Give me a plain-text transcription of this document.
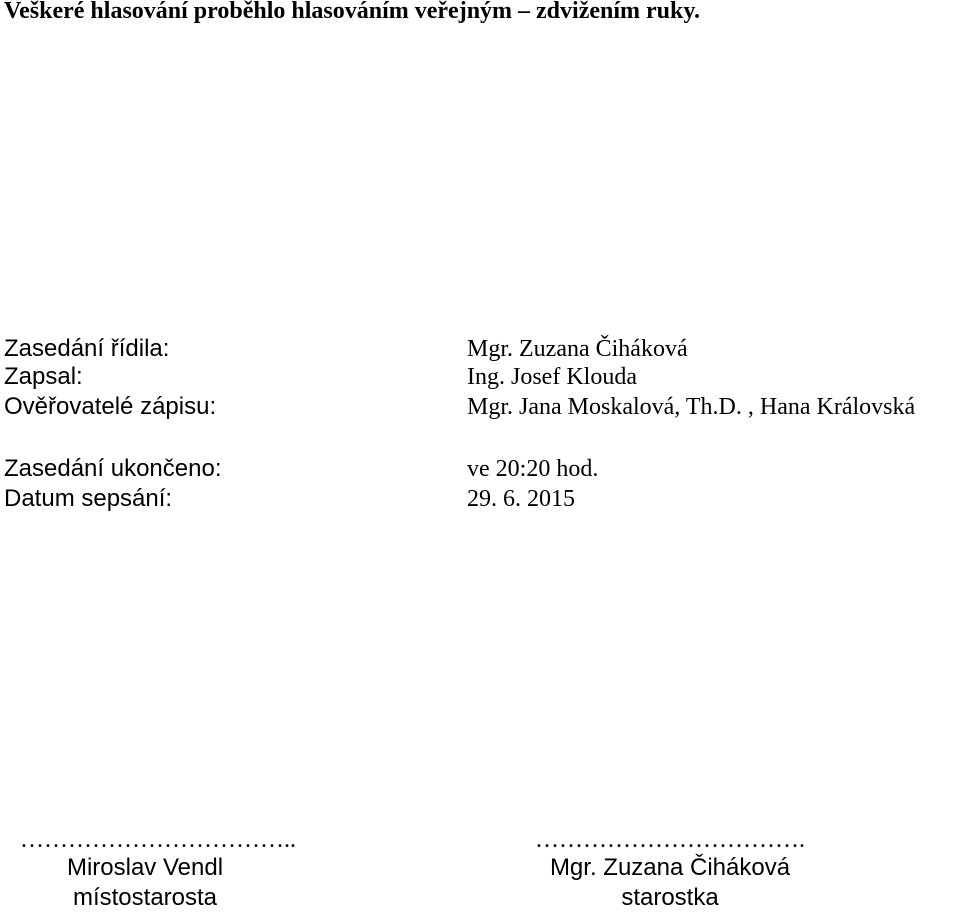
Veškeré hlasování proběhlo hlasováním veřejným – zdvižením ruky.
Zasedání řídila:	Mgr. Zuzana Čiháková
Zapsal:	Ing. Josef Klouda
Ověřovatelé zápisu:	Mgr. Jana Moskalová, Th.D. , Hana Královská
Zasedání ukončeno:	ve 20:20 hod.
Datum sepsání:	29. 6. 2015
……………………………..
Miroslav Vendl
místostarosta
…………………………….
Mgr. Zuzana Čiháková
starostka
